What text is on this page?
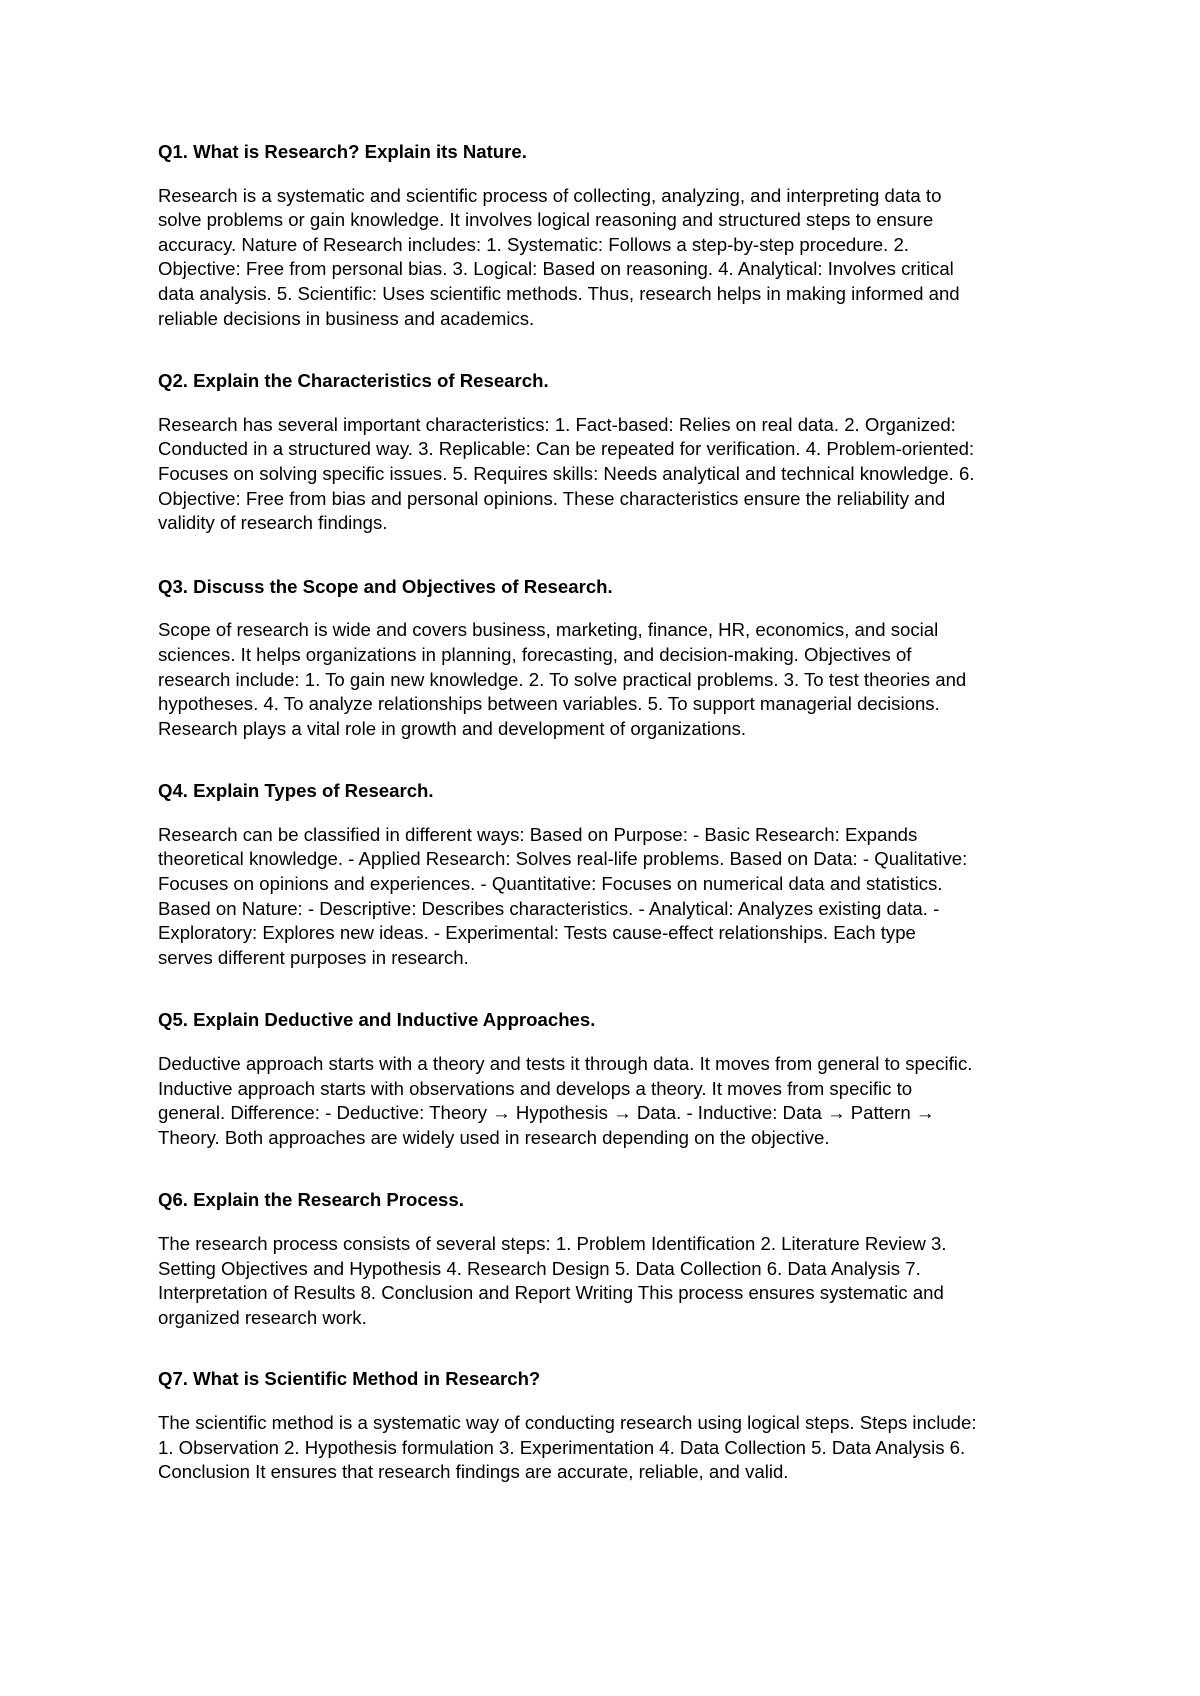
Q1. What is Research? Explain its Nature.
Research is a systematic and scientific process of collecting, analyzing, and interpreting data to
solve problems or gain knowledge. It involves logical reasoning and structured steps to ensure
accuracy. Nature of Research includes: 1. Systematic: Follows a step-by-step procedure. 2.
Objective: Free from personal bias. 3. Logical: Based on reasoning. 4. Analytical: Involves critical
data analysis. 5. Scientific: Uses scientific methods. Thus, research helps in making informed and
reliable decisions in business and academics.
Q2. Explain the Characteristics of Research.
Research has several important characteristics: 1. Fact-based: Relies on real data. 2. Organized:
Conducted in a structured way. 3. Replicable: Can be repeated for verification. 4. Problem-oriented:
Focuses on solving specific issues. 5. Requires skills: Needs analytical and technical knowledge. 6.
Objective: Free from bias and personal opinions. These characteristics ensure the reliability and
validity of research findings.
Q3. Discuss the Scope and Objectives of Research.
Scope of research is wide and covers business, marketing, finance, HR, economics, and social
sciences. It helps organizations in planning, forecasting, and decision-making. Objectives of
research include: 1. To gain new knowledge. 2. To solve practical problems. 3. To test theories and
hypotheses. 4. To analyze relationships between variables. 5. To support managerial decisions.
Research plays a vital role in growth and development of organizations.
Q4. Explain Types of Research.
Research can be classified in different ways: Based on Purpose: - Basic Research: Expands
theoretical knowledge. - Applied Research: Solves real-life problems. Based on Data: - Qualitative:
Focuses on opinions and experiences. - Quantitative: Focuses on numerical data and statistics.
Based on Nature: - Descriptive: Describes characteristics. - Analytical: Analyzes existing data. -
Exploratory: Explores new ideas. - Experimental: Tests cause-effect relationships. Each type
serves different purposes in research.
Q5. Explain Deductive and Inductive Approaches.
Deductive approach starts with a theory and tests it through data. It moves from general to specific.
Inductive approach starts with observations and develops a theory. It moves from specific to
general. Difference: - Deductive: Theory → Hypothesis → Data. - Inductive: Data → Pattern →
Theory. Both approaches are widely used in research depending on the objective.
Q6. Explain the Research Process.
The research process consists of several steps: 1. Problem Identification 2. Literature Review 3.
Setting Objectives and Hypothesis 4. Research Design 5. Data Collection 6. Data Analysis 7.
Interpretation of Results 8. Conclusion and Report Writing This process ensures systematic and
organized research work.
Q7. What is Scientific Method in Research?
The scientific method is a systematic way of conducting research using logical steps. Steps include:
1. Observation 2. Hypothesis formulation 3. Experimentation 4. Data Collection 5. Data Analysis 6.
Conclusion It ensures that research findings are accurate, reliable, and valid.
